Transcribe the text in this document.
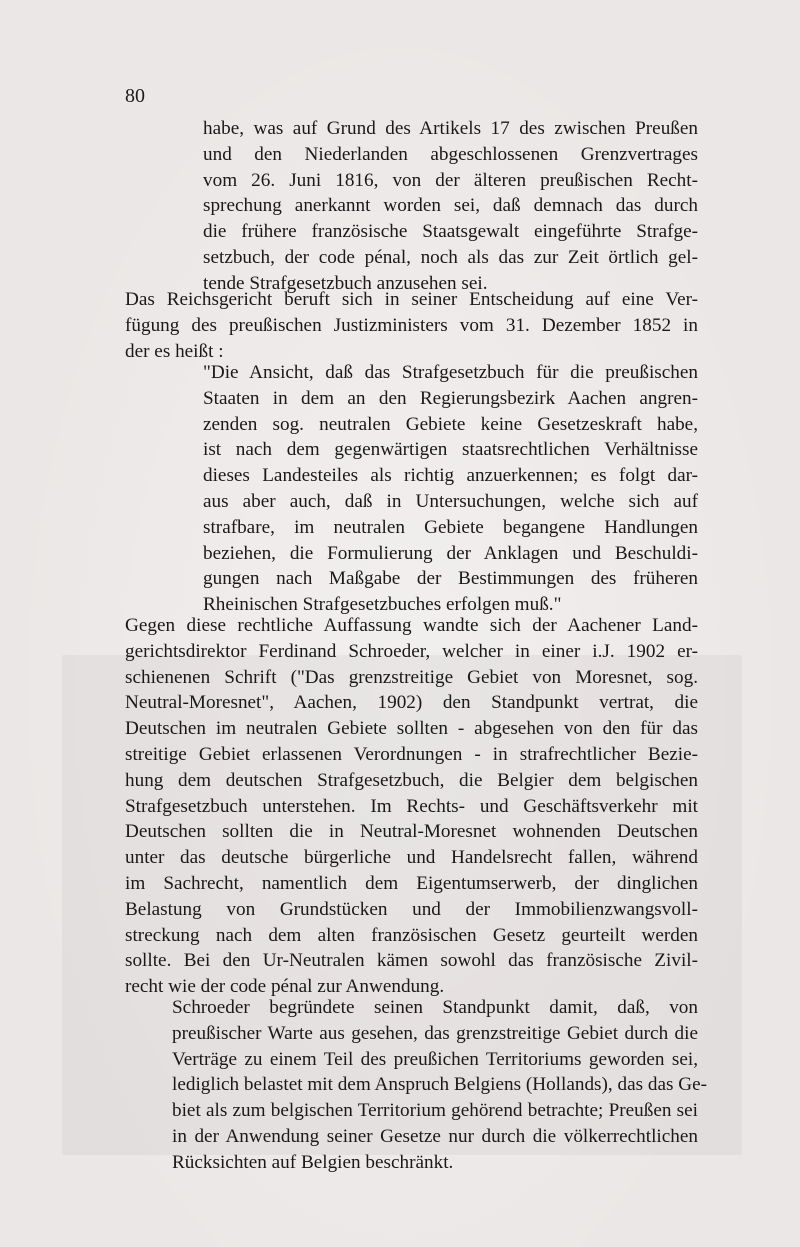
80
habe, was auf Grund des Artikels 17 des zwischen Preußen
und den Niederlanden abgeschlossenen Grenzvertrages
vom 26. Juni 1816, von der älteren preußischen Recht-
sprechung anerkannt worden sei, daß demnach das durch
die frühere französische Staatsgewalt eingeführte Strafge-
setzbuch, der code pénal, noch als das zur Zeit örtlich gel-
tende Strafgesetzbuch anzusehen sei.
Das Reichsgericht beruft sich in seiner Entscheidung auf eine Ver-
fügung des preußischen Justizministers vom 31. Dezember 1852 in
der es heißt :
"Die Ansicht, daß das Strafgesetzbuch für die preußischen
Staaten in dem an den Regierungsbezirk Aachen angren-
zenden sog. neutralen Gebiete keine Gesetzeskraft habe,
ist nach dem gegenwärtigen staatsrechtlichen Verhältnisse
dieses Landesteiles als richtig anzuerkennen; es folgt dar-
aus aber auch, daß in Untersuchungen, welche sich auf
strafbare, im neutralen Gebiete begangene Handlungen
beziehen, die Formulierung der Anklagen und Beschuldi-
gungen nach Maßgabe der Bestimmungen des früheren
Rheinischen Strafgesetzbuches erfolgen muß."
Gegen diese rechtliche Auffassung wandte sich der Aachener Land-
gerichtsdirektor Ferdinand Schroeder, welcher in einer i.J. 1902 er-
schienenen Schrift ("Das grenzstreitige Gebiet von Moresnet, sog.
Neutral-Moresnet", Aachen, 1902) den Standpunkt vertrat, die
Deutschen im neutralen Gebiete sollten - abgesehen von den für das
streitige Gebiet erlassenen Verordnungen - in strafrechtlicher Bezie-
hung dem deutschen Strafgesetzbuch, die Belgier dem belgischen
Strafgesetzbuch unterstehen. Im Rechts- und Geschäftsverkehr mit
Deutschen sollten die in Neutral-Moresnet wohnenden Deutschen
unter das deutsche bürgerliche und Handelsrecht fallen, während
im Sachrecht, namentlich dem Eigentumserwerb, der dinglichen
Belastung von Grundstücken und der Immobilienzwangsvoll-
streckung nach dem alten französischen Gesetz geurteilt werden
sollte. Bei den Ur-Neutralen kämen sowohl das französische Zivil-
recht wie der code pénal zur Anwendung.
Schroeder begründete seinen Standpunkt damit, daß, von
preußischer Warte aus gesehen, das grenzstreitige Gebiet durch die
Verträge zu einem Teil des preußichen Territoriums geworden sei,
lediglich belastet mit dem Anspruch Belgiens (Hollands), das das Ge-
biet als zum belgischen Territorium gehörend betrachte; Preußen sei
in der Anwendung seiner Gesetze nur durch die völkerrechtlichen
Rücksichten auf Belgien beschränkt.
